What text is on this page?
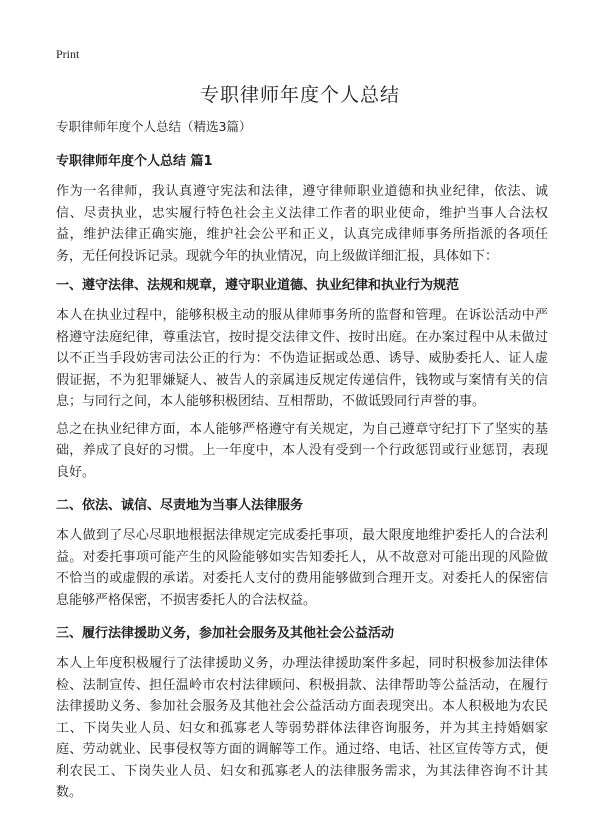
Print
专职律师年度个人总结

专职律师年度个人总结（精选3篇）

专职律师年度个人总结 篇1

作为一名律师，我认真遵守宪法和法律，遵守律师职业道德和执业纪律，依法、诚信、尽责执业，忠实履行特色社会主义法律工作者的职业使命，维护当事人合法权益，维护法律正确实施，维护社会公平和正义，认真完成律师事务所指派的各项任务，无任何投诉记录。现就今年的执业情况，向上级做详细汇报，具体如下：

一、遵守法律、法规和规章，遵守职业道德、执业纪律和执业行为规范

本人在执业过程中，能够积极主动的服从律师事务所的监督和管理。在诉讼活动中严格遵守法庭纪律，尊重法官，按时提交法律文件、按时出庭。在办案过程中从未做过以不正当手段妨害司法公正的行为：不伪造证据或怂恿、诱导、威胁委托人、证人虚假证据，不为犯罪嫌疑人、被告人的亲属违反规定传递信件，钱物或与案情有关的信息；与同行之间，本人能够积极团结、互相帮助，不做诋毁同行声誉的事。

总之在执业纪律方面，本人能够严格遵守有关规定，为自己遵章守纪打下了坚实的基础，养成了良好的习惯。上一年度中，本人没有受到一个行政惩罚或行业惩罚，表现良好。

二、依法、诚信、尽责地为当事人法律服务

本人做到了尽心尽职地根据法律规定完成委托事项，最大限度地维护委托人的合法利益。对委托事项可能产生的风险能够如实告知委托人，从不故意对可能出现的风险做不恰当的或虚假的承诺。对委托人支付的费用能够做到合理开支。对委托人的保密信息能够严格保密，不损害委托人的合法权益。

三、履行法律援助义务，参加社会服务及其他社会公益活动

本人上年度积极履行了法律援助义务，办理法律援助案件多起，同时积极参加法律体检、法制宣传、担任温岭市农村法律顾问、积极捐款、法律帮助等公益活动，在履行法律援助义务、参加社会服务及其他社会公益活动方面表现突出。本人积极地为农民工、下岗失业人员、妇女和孤寡老人等弱势群体法律咨询服务，并为其主持婚姻家庭、劳动就业、民事侵权等方面的调解等工作。通过络、电话、社区宣传等方式，便利农民工、下岗失业人员、妇女和孤寡老人的法律服务需求，为其法律咨询不计其数。
